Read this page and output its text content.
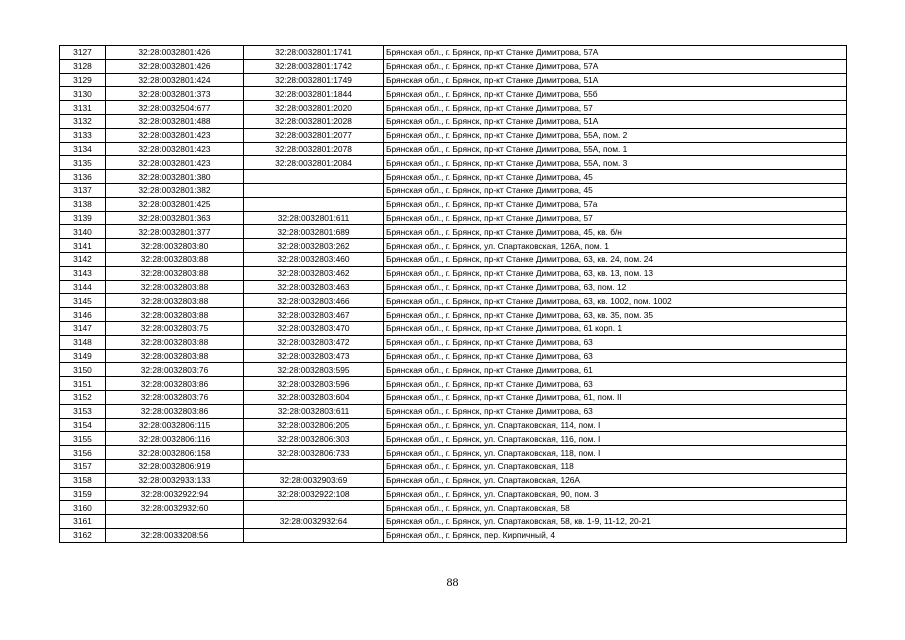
3127	32:28:0032801:426	32:28:0032801:1741	Брянская обл., г. Брянск, пр-кт Станке Димитрова, 57А
3128	32:28:0032801:426	32:28:0032801:1742	Брянская обл., г. Брянск, пр-кт Станке Димитрова, 57А
3129	32:28:0032801:424	32:28:0032801:1749	Брянская обл., г. Брянск, пр-кт Станке Димитрова, 51А
3130	32:28:0032801:373	32:28:0032801:1844	Брянская обл., г. Брянск, пр-кт Станке Димитрова, 55б
3131	32:28:0032504:677	32:28:0032801:2020	Брянская обл., г. Брянск, пр-кт Станке Димитрова, 57
3132	32:28:0032801:488	32:28:0032801:2028	Брянская обл., г. Брянск, пр-кт Станке Димитрова, 51А
3133	32:28:0032801:423	32:28:0032801:2077	Брянская обл., г. Брянск, пр-кт Станке Димитрова, 55А, пом. 2
3134	32:28:0032801:423	32:28:0032801:2078	Брянская обл., г. Брянск, пр-кт Станке Димитрова, 55А, пом. 1
3135	32:28:0032801:423	32:28:0032801:2084	Брянская обл., г. Брянск, пр-кт Станке Димитрова, 55А, пом. 3
3136	32:28:0032801:380		Брянская обл., г. Брянск, пр-кт Станке Димитрова, 45
3137	32:28:0032801:382		Брянская обл., г. Брянск, пр-кт Станке Димитрова, 45
3138	32:28:0032801:425		Брянская обл., г. Брянск, пр-кт Станке Димитрова, 57а
3139	32:28:0032801:363	32:28:0032801:611	Брянская обл., г. Брянск, пр-кт Станке Димитрова, 57
3140	32:28:0032801:377	32:28:0032801:689	Брянская обл., г. Брянск, пр-кт Станке Димитрова, 45, кв. б/н
3141	32:28:0032803:80	32:28:0032803:262	Брянская обл., г. Брянск, ул. Спартаковская, 126А, пом. 1
3142	32:28:0032803:88	32:28:0032803:460	Брянская обл., г. Брянск, пр-кт Станке Димитрова, 63, кв. 24, пом. 24
3143	32:28:0032803:88	32:28:0032803:462	Брянская обл., г. Брянск, пр-кт Станке Димитрова, 63, кв. 13, пом. 13
3144	32:28:0032803:88	32:28:0032803:463	Брянская обл., г. Брянск, пр-кт Станке Димитрова, 63, пом. 12
3145	32:28:0032803:88	32:28:0032803:466	Брянская обл., г. Брянск, пр-кт Станке Димитрова, 63, кв. 1002, пом. 1002
3146	32:28:0032803:88	32:28:0032803:467	Брянская обл., г. Брянск, пр-кт Станке Димитрова, 63, кв. 35, пом. 35
3147	32:28:0032803:75	32:28:0032803:470	Брянская обл., г. Брянск, пр-кт Станке Димитрова, 61 корп. 1
3148	32:28:0032803:88	32:28:0032803:472	Брянская обл., г. Брянск, пр-кт Станке Димитрова, 63
3149	32:28:0032803:88	32:28:0032803:473	Брянская обл., г. Брянск, пр-кт Станке Димитрова, 63
3150	32:28:0032803:76	32:28:0032803:595	Брянская обл., г. Брянск, пр-кт Станке Димитрова, 61
3151	32:28:0032803:86	32:28:0032803:596	Брянская обл., г. Брянск, пр-кт Станке Димитрова, 63
3152	32:28:0032803:76	32:28:0032803:604	Брянская обл., г. Брянск, пр-кт Станке Димитрова, 61, пом. II
3153	32:28:0032803:86	32:28:0032803:611	Брянская обл., г. Брянск, пр-кт Станке Димитрова, 63
3154	32:28:0032806:115	32:28:0032806:205	Брянская обл., г. Брянск, ул. Спартаковская, 114, пом. I
3155	32:28:0032806:116	32:28:0032806:303	Брянская обл., г. Брянск, ул. Спартаковская, 116, пом. I
3156	32:28:0032806:158	32:28:0032806:733	Брянская обл., г. Брянск, ул. Спартаковская, 118, пом. I
3157	32:28:0032806:919		Брянская обл., г. Брянск, ул. Спартаковская, 118
3158	32:28:0032933:133	32:28:0032903:69	Брянская обл., г. Брянск, ул. Спартаковская, 126А
3159	32:28:0032922:94	32:28:0032922:108	Брянская обл., г. Брянск, ул. Спартаковская, 90, пом. 3
3160	32:28:0032932:60		Брянская обл., г. Брянск, ул. Спартаковская, 58
3161		32:28:0032932:64	Брянская обл., г. Брянск, ул. Спартаковская, 58, кв. 1-9, 11-12, 20-21
3162	32:28:0033208:56		Брянская обл., г. Брянск, пер. Кирпичный, 4
88
